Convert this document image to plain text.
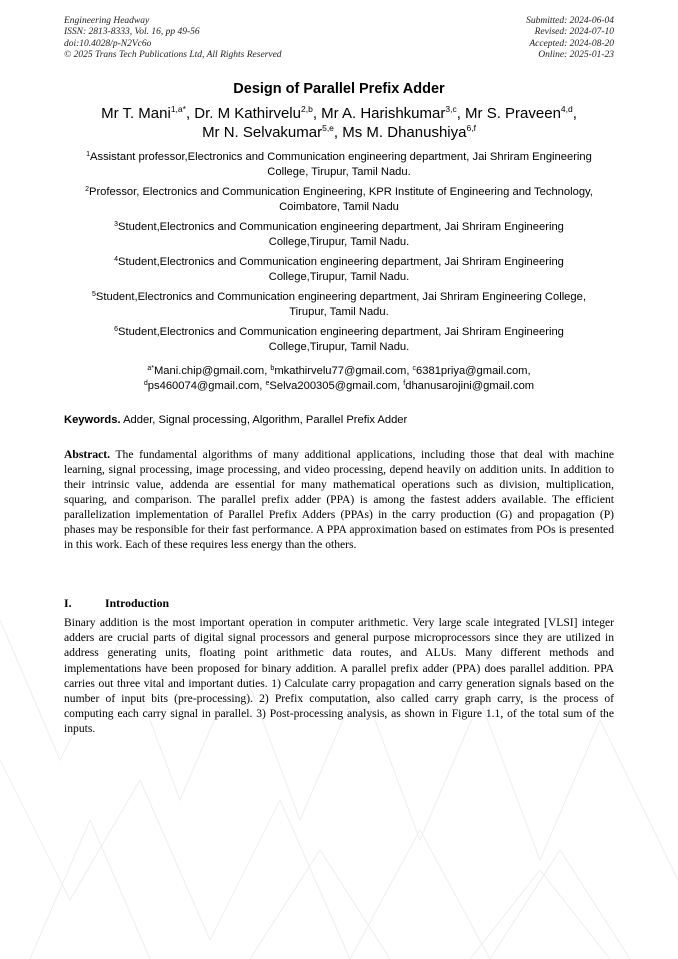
Engineering Headway
ISSN: 2813-8333, Vol. 16, pp 49-56
doi:10.4028/p-N2Vc6o
© 2025 Trans Tech Publications Ltd, All Rights Reserved
Submitted: 2024-06-04
Revised: 2024-07-10
Accepted: 2024-08-20
Online: 2025-01-23
Design of Parallel Prefix Adder
Mr T. Mani$^{1,a*}$, Dr. M Kathirvelu$^{2,b}$, Mr A. Harishkumar$^{3,c}$, Mr S. Praveen$^{4,d}$,
Mr N. Selvakumar$^{5,e}$, Ms M. Dhanushiya$^{6,f}$
$^1$Assistant professor,Electronics and Communication engineering department, Jai Shriram Engineering College, Tirupur, Tamil Nadu.
$^2$Professor, Electronics and Communication Engineering, KPR Institute of Engineering and Technology, Coimbatore, Tamil Nadu
$^3$Student,Electronics and Communication engineering department, Jai Shriram Engineering College,Tirupur, Tamil Nadu.
$^4$Student,Electronics and Communication engineering department, Jai Shriram Engineering College,Tirupur, Tamil Nadu.
$^5$Student,Electronics and Communication engineering department, Jai Shriram Engineering College, Tirupur, Tamil Nadu.
$^6$Student,Electronics and Communication engineering department, Jai Shriram Engineering College,Tirupur, Tamil Nadu.
$^{a*}$Mani.chip@gmail.com, $^b$mkathirvelu77@gmail.com, $^c$6381priya@gmail.com,
$^d$ps460074@gmail.com, $^e$Selva200305@gmail.com, $^f$dhanusarojini@gmail.com
Keywords. Adder, Signal processing, Algorithm, Parallel Prefix Adder
Abstract. The fundamental algorithms of many additional applications, including those that deal with machine learning, signal processing, image processing, and video processing, depend heavily on addition units. In addition to their intrinsic value, addenda are essential for many mathematical operations such as division, multiplication, squaring, and comparison. The parallel prefix adder (PPA) is among the fastest adders available. The efficient parallelization implementation of Parallel Prefix Adders (PPAs) in the carry production (G) and propagation (P) phases may be responsible for their fast performance. A PPA approximation based on estimates from POs is presented in this work. Each of these requires less energy than the others.
I.	Introduction
Binary addition is the most important operation in computer arithmetic. Very large scale integrated [VLSI] integer adders are crucial parts of digital signal processors and general purpose microprocessors since they are utilized in address generating units, floating point arithmetic data routes, and ALUs. Many different methods and implementations have been proposed for binary addition. A parallel prefix adder (PPA) does parallel addition. PPA carries out three vital and important duties. 1) Calculate carry propagation and carry generation signals based on the number of input bits (pre-processing). 2) Prefix computation, also called carry graph carry, is the process of computing each carry signal in parallel. 3) Post-processing analysis, as shown in Figure 1.1, of the total sum of the inputs.
